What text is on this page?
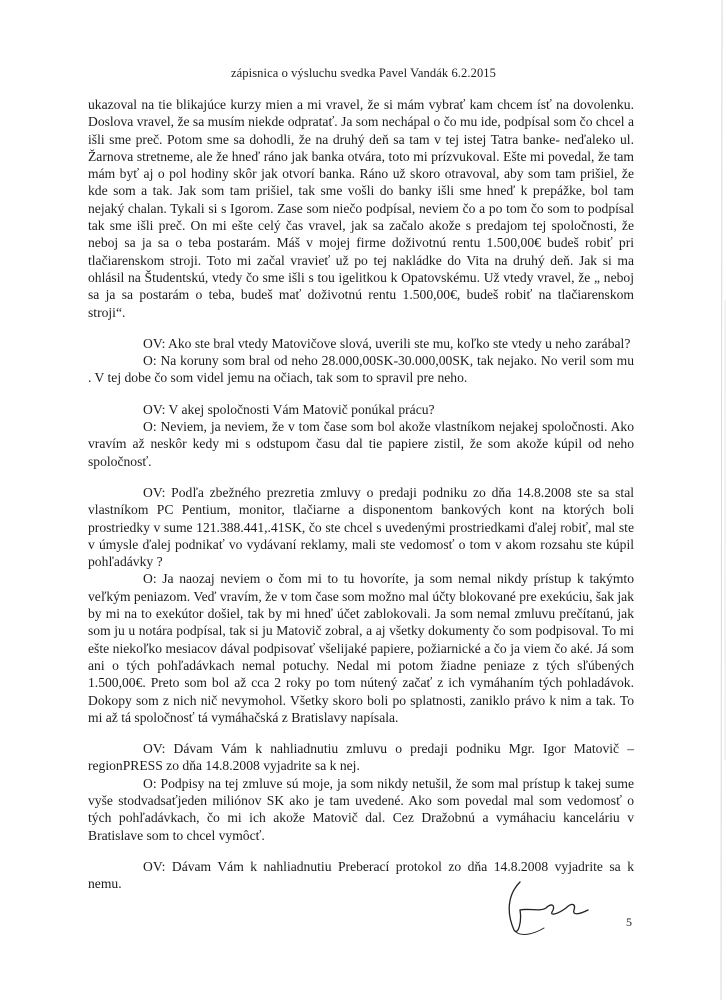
zápisnica o výsluchu svedka Pavel Vandák 6.2.2015

ukazoval na tie blikajúce kurzy mien a mi vravel, že si mám vybrať kam chcem ísť na dovolenku. Doslova vravel, že sa musím niekde odpratať. Ja som nechápal o čo mu ide, podpísal som čo chcel a išli sme preč. Potom sme sa dohodli, že na druhý deň sa tam v tej istej Tatra banke- neďaleko ul. Žarnova stretneme, ale že hneď ráno jak banka otvára, toto mi prízvukoval. Ešte mi povedal, že tam mám byť aj o pol hodiny skôr jak otvorí banka. Ráno už skoro otravoval, aby som tam prišiel, že kde som a tak. Jak som tam prišiel, tak sme vošli do banky išli sme hneď k prepážke, bol tam nejaký chalan. Tykali si s Igorom. Zase som niečo podpísal, neviem čo a po tom čo som to podpísal tak sme išli preč. On mi ešte celý čas vravel, jak sa začalo akože s predajom tej spoločnosti, že neboj sa ja sa o teba postarám. Máš v mojej firme doživotnú rentu 1.500,00€ budeš robiť pri tlačiarenskom stroji. Toto mi začal vravieť už po tej nakládke do Vita na druhý deň. Jak si ma ohlásil na Študentskú, vtedy čo sme išli s tou igelitkou k Opatovskému. Už vtedy vravel, že „ neboj sa ja sa postarám o teba, budeš mať doživotnú rentu 1.500,00€, budeš robiť na tlačiarenskom stroji“.

OV: Ako ste bral vtedy Matovičove slová, uverili ste mu, koľko ste vtedy u neho zarábal?

O: Na koruny som bral od neho 28.000,00SK-30.000,00SK, tak nejako. No veril som mu . V tej dobe čo som videl jemu na očiach, tak som to spravil pre neho.

OV: V akej spoločnosti Vám Matovič ponúkal prácu?

O: Neviem, ja neviem, že v tom čase som bol akože vlastníkom nejakej spoločnosti. Ako vravím až neskôr kedy mi s odstupom času dal tie papiere zistil, že som akože kúpil od neho spoločnosť.

OV: Podľa zbežného prezretia zmluvy o predaji podniku zo dňa 14.8.2008 ste sa stal vlastníkom PC Pentium, monitor, tlačiarne a disponentom bankových kont na ktorých boli prostriedky v sume 121.388.441,.41SK, čo ste chcel s uvedenými prostriedkami ďalej robiť, mal ste v úmysle ďalej podnikať vo vydávaní reklamy, mali ste vedomosť o tom v akom rozsahu ste kúpil pohľadávky ?

O: Ja naozaj neviem o čom mi to tu hovoríte, ja som nemal nikdy prístup k takýmto veľkým peniazom. Veď vravím, že v tom čase som možno mal účty blokované pre exekúciu, šak jak by mi na to exekútor došiel, tak by mi hneď účet zablokovali. Ja som nemal zmluvu prečítanú, jak som ju u notára podpísal, tak si ju Matovič zobral, a aj všetky dokumenty čo som podpisoval. To mi ešte niekoľko mesiacov dával podpisovať všelijaké papiere, požiarnické a čo ja viem čo aké. Já som ani o tých pohľadávkach nemal potuchy. Nedal mi potom žiadne peniaze z tých sľúbených 1.500,00€. Preto som bol až cca 2 roky po tom nútený začať z ich vymáhaním tých pohladávok. Dokopy som z nich nič nevymohol. Všetky skoro boli po splatnosti, zaniklo právo k nim a tak. To mi až tá spoločnosť tá vymáhačská z Bratislavy napísala.

OV: Dávam Vám k nahliadnutiu zmluvu o predaji podniku Mgr. Igor Matovič – regionPRESS zo dňa 14.8.2008 vyjadrite sa k nej.

O: Podpisy na tej zmluve sú moje, ja som nikdy netušil, že som mal prístup k takej sume vyše stodvadsaťjeden miliónov SK ako je tam uvedené. Ako som povedal mal som vedomosť o tých pohľadávkach, čo mi ich akože Matovič dal. Cez Dražobnú a vymáhaciu kanceláriu v Bratislave som to chcel vymôcť.

OV: Dávam Vám k nahliadnutiu Preberací protokol zo dňa 14.8.2008 vyjadrite sa k nemu.

5
